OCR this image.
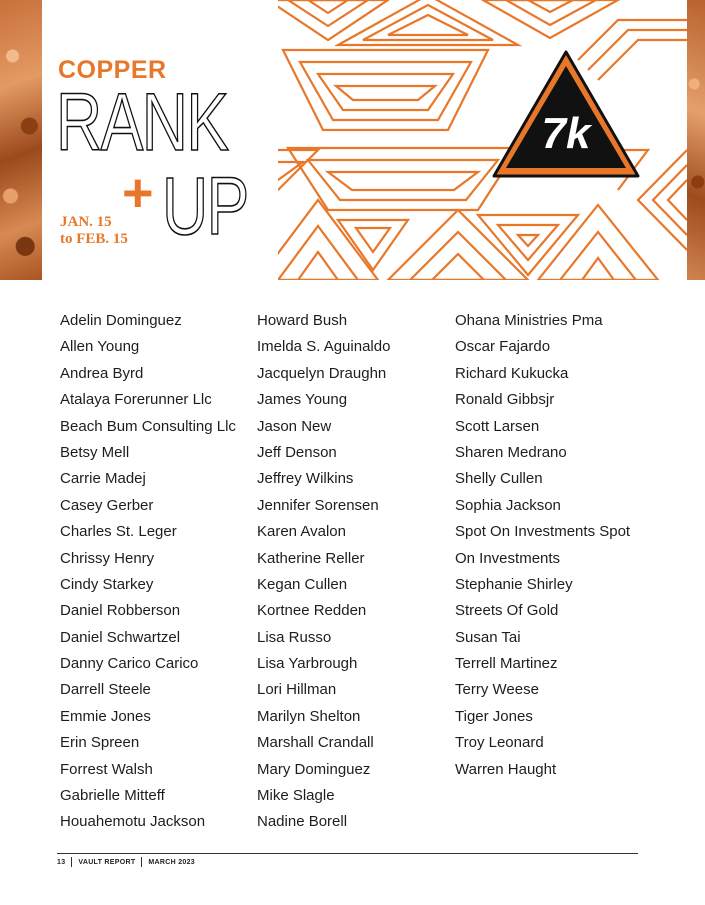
COPPER
RANK
+ UP
JAN. 15
to FEB. 15
7k
Adelin Dominguez
Allen Young
Andrea Byrd
Atalaya Forerunner Llc
Beach Bum Consulting Llc
Betsy Mell
Carrie Madej
Casey Gerber
Charles St. Leger
Chrissy Henry
Cindy Starkey
Daniel Robberson
Daniel Schwartzel
Danny Carico Carico
Darrell Steele
Emmie Jones
Erin Spreen
Forrest Walsh
Gabrielle Mitteff
Houahemotu Jackson
Howard Bush
Imelda S. Aguinaldo
Jacquelyn Draughn
James Young
Jason New
Jeff Denson
Jeffrey Wilkins
Jennifer Sorensen
Karen Avalon
Katherine Reller
Kegan Cullen
Kortnee Redden
Lisa Russo
Lisa Yarbrough
Lori Hillman
Marilyn Shelton
Marshall Crandall
Mary Dominguez
Mike Slagle
Nadine Borell
Ohana Ministries Pma
Oscar Fajardo
Richard Kukucka
Ronald Gibbsjr
Scott Larsen
Sharen Medrano
Shelly Cullen
Sophia Jackson
Spot On Investments Spot
On Investments
Stephanie Shirley
Streets Of Gold
Susan Tai
Terrell Martinez
Terry Weese
Tiger Jones
Troy Leonard
Warren Haught
13 VAULT REPORT MARCH 2023
